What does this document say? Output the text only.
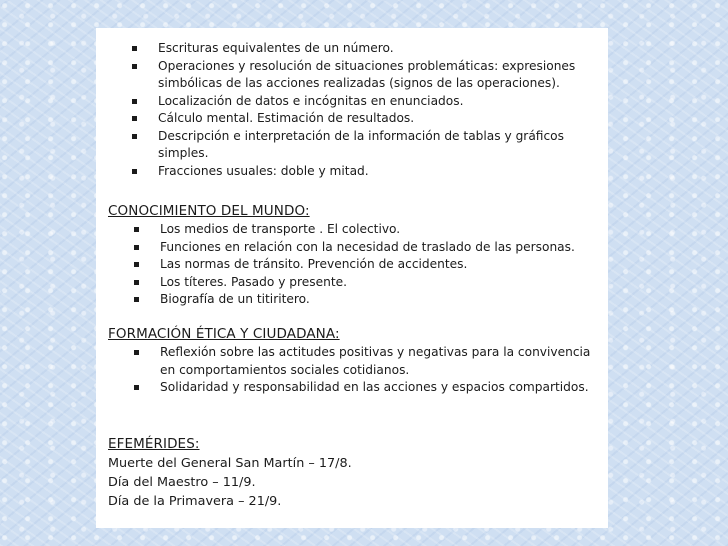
Escrituras equivalentes de un número.
Operaciones y resolución de situaciones problemáticas: expresiones simbólicas de las acciones realizadas (signos de las operaciones).
Localización de datos e incógnitas en enunciados.
Cálculo mental. Estimación de resultados.
Descripción e interpretación de la información de tablas y gráficos simples.
Fracciones usuales: doble y mitad.
CONOCIMIENTO DEL MUNDO:
Los medios de transporte . El colectivo.
Funciones en relación con la necesidad de traslado de las personas.
Las normas de tránsito. Prevención de accidentes.
Los títeres. Pasado y presente.
Biografía de un titiritero.
FORMACIÓN ÉTICA Y CIUDADANA:
Reflexión sobre las actitudes positivas y negativas para la convivencia en comportamientos sociales cotidianos.
Solidaridad y responsabilidad en las acciones y espacios compartidos.
EFEMÉRIDES:
Muerte del General San Martín – 17/8.
Día del Maestro – 11/9.
Día de la Primavera – 21/9.
